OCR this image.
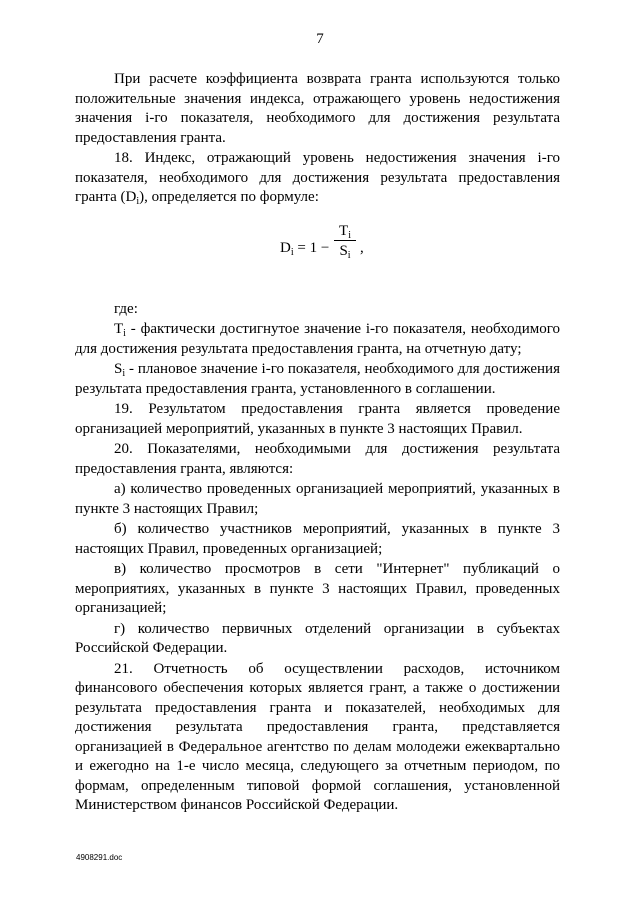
7

При расчете коэффициента возврата гранта используются только положительные значения индекса, отражающего уровень недостижения значения i-го показателя, необходимого для достижения результата предоставления гранта.

18. Индекс, отражающий уровень недостижения значения i-го показателя, необходимого для достижения результата предоставления гранта $(D_i)$, определяется по формуле:

$D_i = 1$ −
$T_i$
$S_i$ ,

где:

$T_i$ - фактически достигнутое значение i-го показателя, необходимого для достижения результата предоставления гранта, на отчетную дату;

$S_i$ - плановое значение i-го показателя, необходимого для достижения результата предоставления гранта, установленного в соглашении.

19. Результатом предоставления гранта является проведение организацией мероприятий, указанных в пункте 3 настоящих Правил.

20. Показателями, необходимыми для достижения результата предоставления гранта, являются:

а) количество проведенных организацией мероприятий, указанных в пункте 3 настоящих Правил;

б) количество участников мероприятий, указанных в пункте 3 настоящих Правил, проведенных организацией;

в) количество просмотров в сети "Интернет" публикаций о мероприятиях, указанных в пункте 3 настоящих Правил, проведенных организацией;

г) количество первичных отделений организации в субъектах Российской Федерации.

21. Отчетность об осуществлении расходов, источником финансового обеспечения которых является грант, а также о достижении результата предоставления гранта и показателей, необходимых для достижения результата предоставления гранта, представляется организацией в Федеральное агентство по делам молодежи ежеквартально и ежегодно на 1-е число месяца, следующего за отчетным периодом, по формам, определенным типовой формой соглашения, установленной Министерством финансов Российской Федерации.

4908291.doc
